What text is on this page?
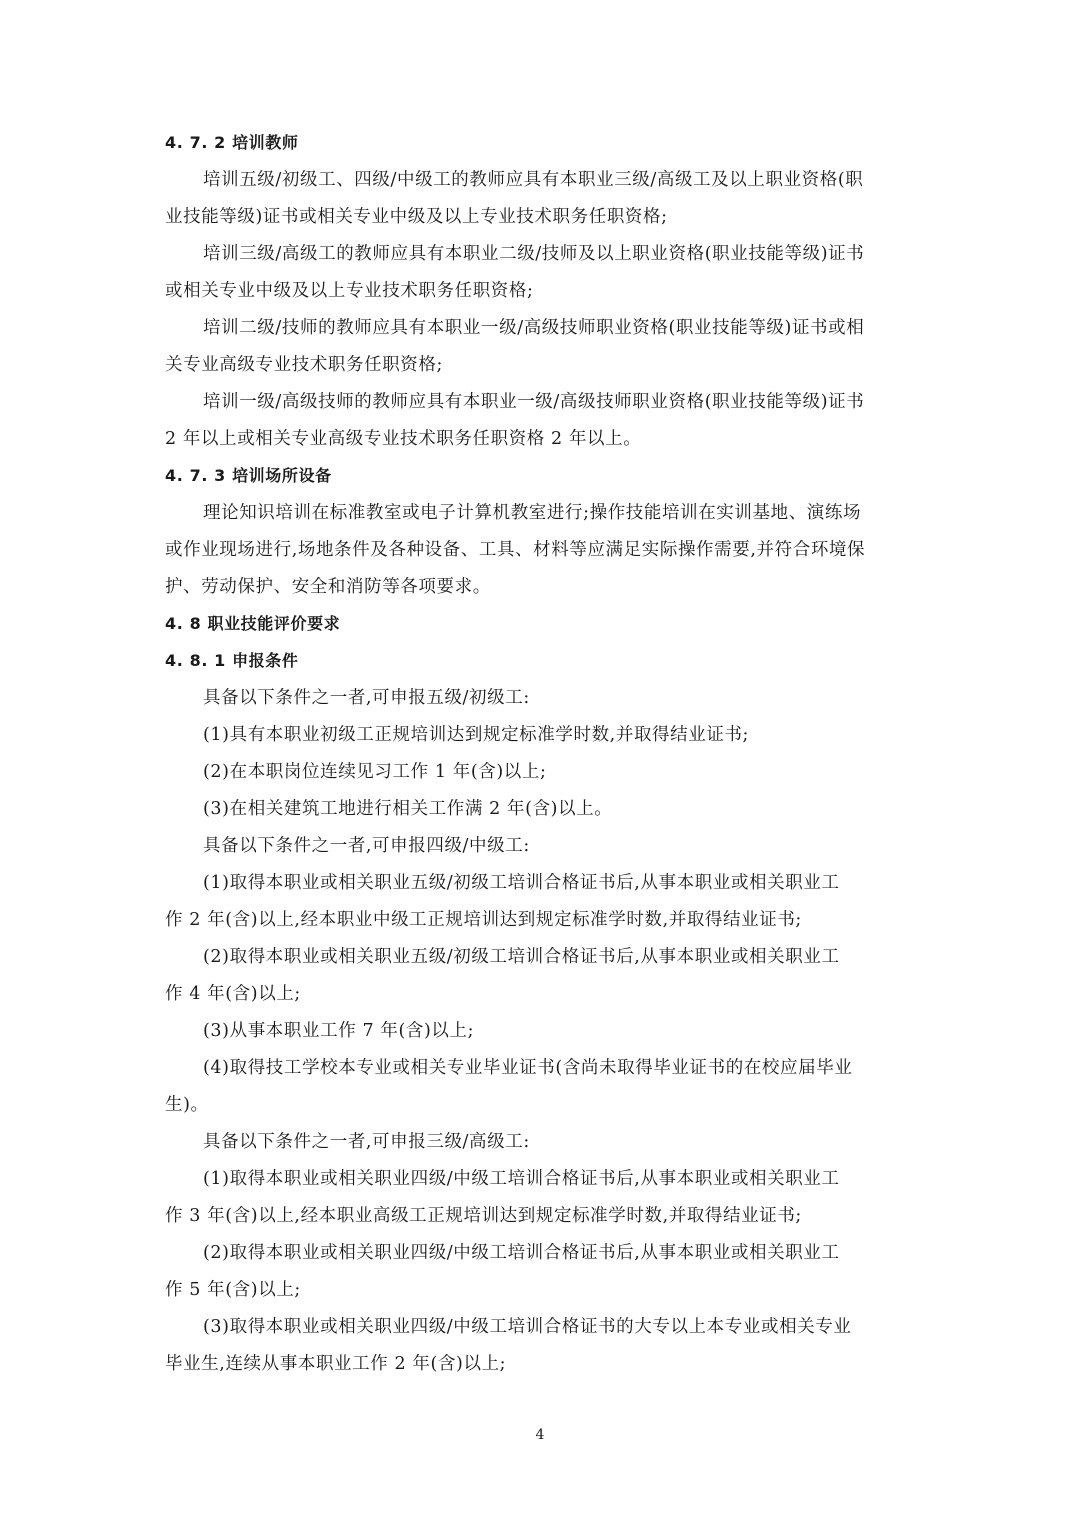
4. 7. 2 培训教师
培训五级/初级工、四级/中级工的教师应具有本职业三级/高级工及以上职业资格(职
业技能等级)证书或相关专业中级及以上专业技术职务任职资格;
培训三级/高级工的教师应具有本职业二级/技师及以上职业资格(职业技能等级)证书
或相关专业中级及以上专业技术职务任职资格;
培训二级/技师的教师应具有本职业一级/高级技师职业资格(职业技能等级)证书或相
关专业高级专业技术职务任职资格;
培训一级/高级技师的教师应具有本职业一级/高级技师职业资格(职业技能等级)证书
2 年以上或相关专业高级专业技术职务任职资格 2 年以上。
4. 7. 3 培训场所设备
理论知识培训在标准教室或电子计算机教室进行;操作技能培训在实训基地、演练场
或作业现场进行,场地条件及各种设备、工具、材料等应满足实际操作需要,并符合环境保
护、劳动保护、安全和消防等各项要求。
4. 8 职业技能评价要求
4. 8. 1 申报条件
具备以下条件之一者,可申报五级/初级工:
(1)具有本职业初级工正规培训达到规定标准学时数,并取得结业证书;
(2)在本职岗位连续见习工作 1 年(含)以上;
(3)在相关建筑工地进行相关工作满 2 年(含)以上。
具备以下条件之一者,可申报四级/中级工:
(1)取得本职业或相关职业五级/初级工培训合格证书后,从事本职业或相关职业工
作 2 年(含)以上,经本职业中级工正规培训达到规定标准学时数,并取得结业证书;
(2)取得本职业或相关职业五级/初级工培训合格证书后,从事本职业或相关职业工
作 4 年(含)以上;
(3)从事本职业工作 7 年(含)以上;
(4)取得技工学校本专业或相关专业毕业证书(含尚未取得毕业证书的在校应届毕业
生)。
具备以下条件之一者,可申报三级/高级工:
(1)取得本职业或相关职业四级/中级工培训合格证书后,从事本职业或相关职业工
作 3 年(含)以上,经本职业高级工正规培训达到规定标准学时数,并取得结业证书;
(2)取得本职业或相关职业四级/中级工培训合格证书后,从事本职业或相关职业工
作 5 年(含)以上;
(3)取得本职业或相关职业四级/中级工培训合格证书的大专以上本专业或相关专业
毕业生,连续从事本职业工作 2 年(含)以上;
4
